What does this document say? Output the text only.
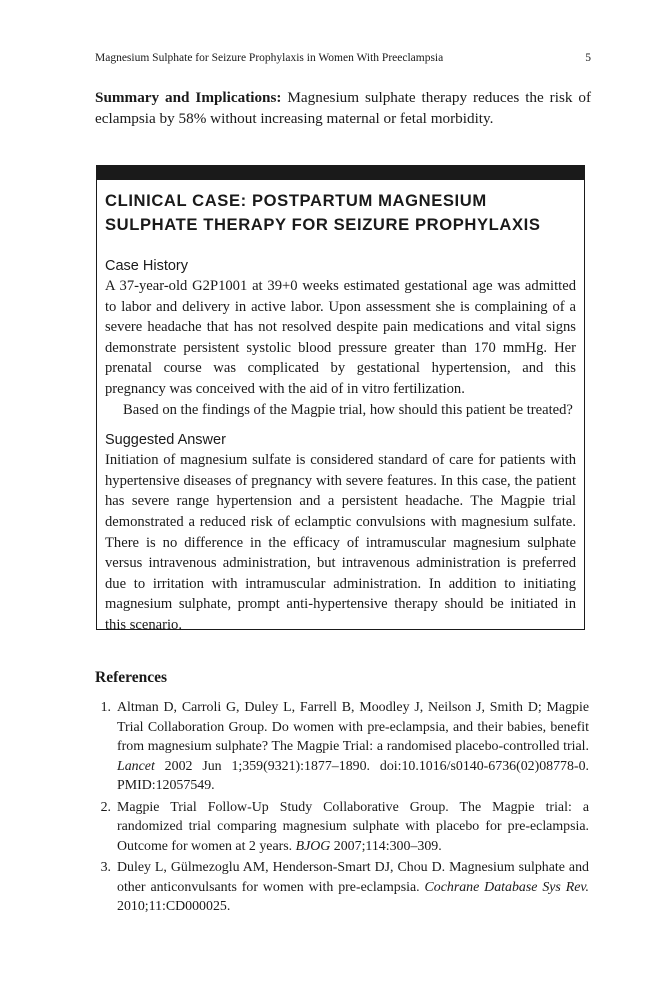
Magnesium Sulphate for Seizure Prophylaxis in Women With Preeclampsia	5
Summary and Implications: Magnesium sulphate therapy reduces the risk of eclampsia by 58% without increasing maternal or fetal morbidity.
CLINICAL CASE: POSTPARTUM MAGNESIUM SULPHATE THERAPY FOR SEIZURE PROPHYLAXIS
Case History
A 37-year-old G2P1001 at 39+0 weeks estimated gestational age was admitted to labor and delivery in active labor. Upon assessment she is complaining of a severe headache that has not resolved despite pain medications and vital signs demonstrate persistent systolic blood pressure greater than 170 mmHg. Her prenatal course was complicated by gestational hypertension, and this pregnancy was conceived with the aid of in vitro fertilization.
Based on the findings of the Magpie trial, how should this patient be treated?
Suggested Answer
Initiation of magnesium sulfate is considered standard of care for patients with hypertensive diseases of pregnancy with severe features. In this case, the patient has severe range hypertension and a persistent headache. The Magpie trial demonstrated a reduced risk of eclamptic convulsions with magnesium sulfate. There is no difference in the efficacy of intramuscular magnesium sulphate versus intravenous administration, but intravenous administration is preferred due to irritation with intramuscular administration. In addition to initiating magnesium sulphate, prompt anti-hypertensive therapy should be initiated in this scenario.
References
1. Altman D, Carroli G, Duley L, Farrell B, Moodley J, Neilson J, Smith D; Magpie Trial Collaboration Group. Do women with pre-eclampsia, and their babies, benefit from magnesium sulphate? The Magpie Trial: a randomised placebo-controlled trial. Lancet 2002 Jun 1;359(9321):1877–1890. doi:10.1016/s0140-6736(02)08778-0. PMID:12057549.
2. Magpie Trial Follow-Up Study Collaborative Group. The Magpie trial: a randomized trial comparing magnesium sulphate with placebo for pre-eclampsia. Outcome for women at 2 years. BJOG 2007;114:300–309.
3. Duley L, Gülmezoglu AM, Henderson-Smart DJ, Chou D. Magnesium sulphate and other anticonvulsants for women with pre-eclampsia. Cochrane Database Sys Rev. 2010;11:CD000025.
